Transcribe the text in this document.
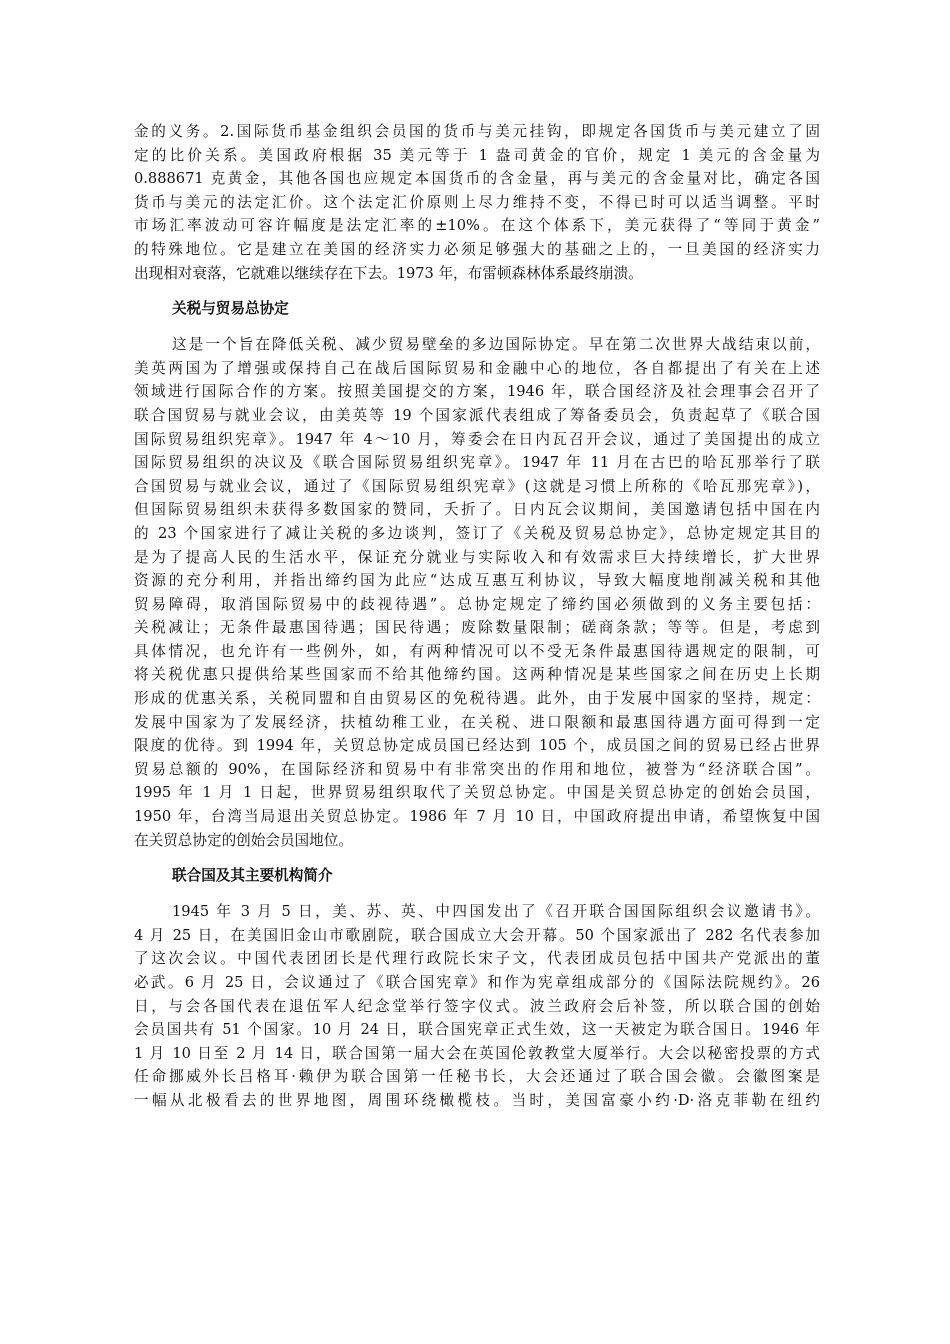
金的义务。2.国际货币基金组织会员国的货币与美元挂钩，即规定各国货币与美元建立了固
定的比价关系。美国政府根据 35 美元等于 1 盎司黄金的官价，规定 1 美元的含金量为
0.888671 克黄金，其他各国也应规定本国货币的含金量，再与美元的含金量对比，确定各国
货币与美元的法定汇价。这个法定汇价原则上尽力维持不变，不得已时可以适当调整。平时
市场汇率波动可容许幅度是法定汇率的±10%。在这个体系下，美元获得了“等同于黄金”
的特殊地位。它是建立在美国的经济实力必须足够强大的基础之上的，一旦美国的经济实力
出现相对衰落，它就难以继续存在下去。1973 年，布雷顿森林体系最终崩溃。
关税与贸易总协定
这是一个旨在降低关税、减少贸易壁垒的多边国际协定。早在第二次世界大战结束以前，
美英两国为了增强或保持自己在战后国际贸易和金融中心的地位，各自都提出了有关在上述
领域进行国际合作的方案。按照美国提交的方案，1946 年，联合国经济及社会理事会召开了
联合国贸易与就业会议，由美英等 19 个国家派代表组成了筹备委员会，负责起草了《联合国
国际贸易组织宪章》。1947 年 4～10 月，筹委会在日内瓦召开会议，通过了美国提出的成立
国际贸易组织的决议及《联合国际贸易组织宪章》。1947 年 11 月在古巴的哈瓦那举行了联
合国贸易与就业会议，通过了《国际贸易组织宪章》(这就是习惯上所称的《哈瓦那宪章》)，
但国际贸易组织未获得多数国家的赞同，夭折了。日内瓦会议期间，美国邀请包括中国在内
的 23 个国家进行了减让关税的多边谈判，签订了《关税及贸易总协定》，总协定规定其目的
是为了提高人民的生活水平，保证充分就业与实际收入和有效需求巨大持续增长，扩大世界
资源的充分利用，并指出缔约国为此应“达成互惠互利协议，导致大幅度地削减关税和其他
贸易障碍，取消国际贸易中的歧视待遇”。总协定规定了缔约国必须做到的义务主要包括：
关税减让；无条件最惠国待遇；国民待遇；废除数量限制；磋商条款；等等。但是，考虑到
具体情况，也允许有一些例外，如，有两种情况可以不受无条件最惠国待遇规定的限制，可
将关税优惠只提供给某些国家而不给其他缔约国。这两种情况是某些国家之间在历史上长期
形成的优惠关系，关税同盟和自由贸易区的免税待遇。此外，由于发展中国家的坚持，规定：
发展中国家为了发展经济，扶植幼稚工业，在关税、进口限额和最惠国待遇方面可得到一定
限度的优待。到 1994 年，关贸总协定成员国已经达到 105 个，成员国之间的贸易已经占世界
贸易总额的 90%，在国际经济和贸易中有非常突出的作用和地位，被誉为“经济联合国”。
1995 年 1 月 1 日起，世界贸易组织取代了关贸总协定。中国是关贸总协定的创始会员国，
1950 年，台湾当局退出关贸总协定。1986 年 7 月 10 日，中国政府提出申请，希望恢复中国
在关贸总协定的创始会员国地位。
联合国及其主要机构简介
1945 年 3 月 5 日，美、苏、英、中四国发出了《召开联合国国际组织会议邀请书》。
4 月 25 日，在美国旧金山市歌剧院，联合国成立大会开幕。50 个国家派出了 282 名代表参加
了这次会议。中国代表团团长是代理行政院长宋子文，代表团成员包括中国共产党派出的董
必武。6 月 25 日，会议通过了《联合国宪章》和作为宪章组成部分的《国际法院规约》。26
日，与会各国代表在退伍军人纪念堂举行签字仪式。波兰政府会后补签，所以联合国的创始
会员国共有 51 个国家。10 月 24 日，联合国宪章正式生效，这一天被定为联合国日。1946 年
1 月 10 日至 2 月 14 日，联合国第一届大会在英国伦敦教堂大厦举行。大会以秘密投票的方式
任命挪威外长吕格耳·赖伊为联合国第一任秘书长，大会还通过了联合国会徽。会徽图案是
一幅从北极看去的世界地图，周围环绕橄榄枝。当时，美国富豪小约·D·洛克菲勒在纽约
